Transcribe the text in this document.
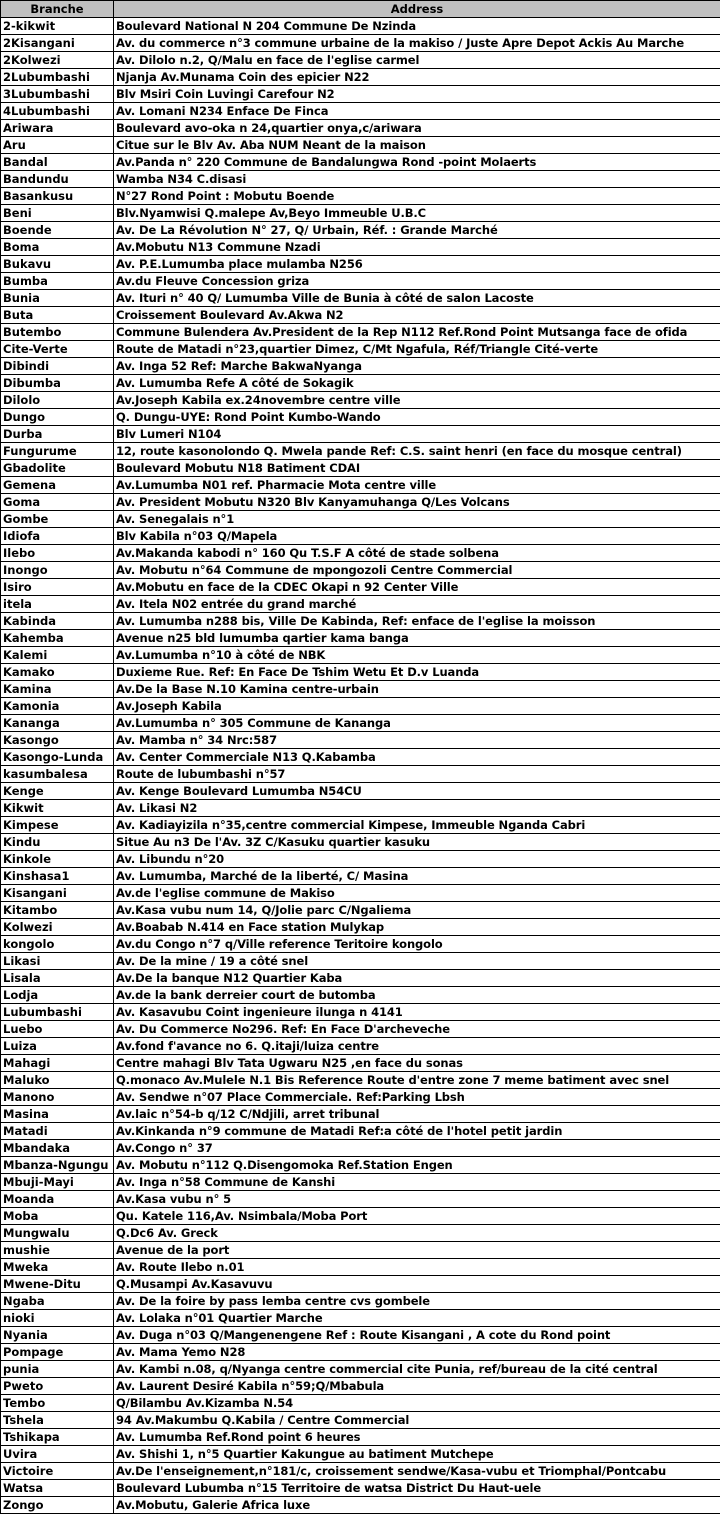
Branche	Address
2-kikwit	Boulevard National N 204 Commune De Nzinda
2Kisangani	Av. du commerce n°3 commune urbaine de la makiso / Juste Apre Depot Ackis Au Marche
2Kolwezi	Av. Dilolo n.2, Q/Malu en face de l'eglise carmel
2Lubumbashi	Njanja Av.Munama Coin des epicier N22
3Lubumbashi	Blv Msiri Coin Luvingi Carefour N2
4Lubumbashi	Av. Lomani N234 Enface De Finca
Ariwara	Boulevard avo-oka n 24,quartier onya,c/ariwara
Aru	Citue sur le Blv Av. Aba NUM Neant de la maison
Bandal	Av.Panda n° 220 Commune de Bandalungwa Rond -point Molaerts
Bandundu	Wamba N34 C.disasi
Basankusu	N°27 Rond Point : Mobutu Boende
Beni	Blv.Nyamwisi Q.malepe Av,Beyo Immeuble U.B.C
Boende	Av. De La Révolution N° 27, Q/ Urbain, Réf. : Grande Marché
Boma	Av.Mobutu N13 Commune Nzadi
Bukavu	Av. P.E.Lumumba place mulamba N256
Bumba	Av.du Fleuve Concession griza
Bunia	Av. Ituri n° 40 Q/ Lumumba Ville de Bunia à côté de salon Lacoste
Buta	Croissement Boulevard Av.Akwa N2
Butembo	Commune Bulendera Av.President de la Rep N112 Ref.Rond Point Mutsanga face de ofida
Cite-Verte	Route de Matadi n°23,quartier Dimez, C/Mt Ngafula, Réf/Triangle Cité-verte
Dibindi	Av. Inga 52 Ref: Marche BakwaNyanga
Dibumba	Av. Lumumba Refe A côté de Sokagik
Dilolo	Av.Joseph Kabila ex.24novembre centre ville
Dungo	Q. Dungu-UYE: Rond Point Kumbo-Wando
Durba	Blv Lumeri N104
Fungurume	12, route kasonolondo Q. Mwela pande Ref: C.S. saint henri (en face du mosque central)
Gbadolite	Boulevard Mobutu N18 Batiment CDAI
Gemena	Av.Lumumba N01 ref. Pharmacie Mota centre ville
Goma	Av. President Mobutu N320 Blv Kanyamuhanga Q/Les Volcans
Gombe	Av. Senegalais n°1
Idiofa	Blv Kabila n°03 Q/Mapela
Ilebo	Av.Makanda kabodi n° 160 Qu T.S.F A côté de stade solbena
Inongo	Av. Mobutu n°64 Commune de mpongozoli Centre Commercial
Isiro	Av.Mobutu en face de la CDEC Okapi n 92 Center Ville
itela	Av. Itela N02 entrée du grand marché
Kabinda	Av. Lumumba n288 bis, Ville De Kabinda, Ref: enface de l'eglise la moisson
Kahemba	Avenue n25 bld lumumba qartier kama banga
Kalemi	Av.Lumumba n°10 à côté de NBK
Kamako	Duxieme Rue. Ref: En Face De Tshim Wetu Et D.v Luanda
Kamina	Av.De la Base N.10 Kamina centre-urbain
Kamonia	Av.Joseph Kabila
Kananga	Av.Lumumba n° 305 Commune de Kananga
Kasongo	Av. Mamba n° 34 Nrc:587
Kasongo-Lunda	Av. Center Commerciale N13 Q.Kabamba
kasumbalesa	Route de lubumbashi n°57
Kenge	Av. Kenge Boulevard Lumumba N54CU
Kikwit	Av. Likasi N2
Kimpese	Av. Kadiayizila n°35,centre commercial Kimpese, Immeuble Nganda Cabri
Kindu	Situe Au n3 De l'Av. 3Z C/Kasuku quartier kasuku
Kinkole	Av. Libundu n°20
Kinshasa1	Av. Lumumba, Marché de la liberté, C/ Masina
Kisangani	Av.de l'eglise commune de Makiso
Kitambo	Av.Kasa vubu num 14, Q/Jolie parc C/Ngaliema
Kolwezi	Av.Boabab N.414 en Face station Mulykap
kongolo	Av.du Congo n°7 q/Ville reference Teritoire kongolo
Likasi	Av. De la mine / 19 a côté snel
Lisala	Av.De la banque N12 Quartier Kaba
Lodja	Av.de la bank derreier court de butomba
Lubumbashi	Av. Kasavubu Coint ingenieure ilunga n 4141
Luebo	Av. Du Commerce No296. Ref: En Face D'archeveche
Luiza	Av.fond f'avance no 6. Q.itaji/luiza centre
Mahagi	Centre mahagi Blv Tata Ugwaru N25 ,en face du sonas
Maluko	Q.monaco Av.Mulele N.1 Bis Reference Route d'entre zone 7 meme batiment avec snel
Manono	Av. Sendwe n°07 Place Commerciale. Ref:Parking Lbsh
Masina	Av.laic n°54-b q/12 C/Ndjili, arret tribunal
Matadi	Av.Kinkanda n°9 commune de Matadi Ref:a côté de l'hotel petit jardin
Mbandaka	Av.Congo n° 37
Mbanza-Ngungu	Av. Mobutu n°112 Q.Disengomoka Ref.Station Engen
Mbuji-Mayi	Av. Inga n°58 Commune de Kanshi
Moanda	Av.Kasa vubu n° 5
Moba	Qu. Katele 116,Av. Nsimbala/Moba Port
Mungwalu	Q.Dc6 Av. Greck
mushie	Avenue de la port
Mweka	Av. Route Ilebo n.01
Mwene-Ditu	Q.Musampi Av.Kasavuvu
Ngaba	Av. De la foire by pass lemba centre cvs gombele
nioki	Av. Lolaka n°01 Quartier Marche
Nyania	Av. Duga n°03 Q/Mangenengene Ref : Route Kisangani , A cote du Rond point
Pompage	Av. Mama Yemo N28
punia	Av. Kambi n.08, q/Nyanga centre commercial cite Punia, ref/bureau de la cité central
Pweto	Av. Laurent Desiré Kabila n°59;Q/Mbabula
Tembo	Q/Bilambu Av.Kizamba N.54
Tshela	94 Av.Makumbu Q.Kabila / Centre Commercial
Tshikapa	Av. Lumumba Ref.Rond point 6 heures
Uvira	Av. Shishi 1, n°5 Quartier Kakungue au batiment Mutchepe
Victoire	Av.De l'enseignement,n°181/c, croissement sendwe/Kasa-vubu et Triomphal/Pontcabu
Watsa	Boulevard Lubumba n°15 Territoire de watsa District Du Haut-uele
Zongo	Av.Mobutu, Galerie Africa luxe
